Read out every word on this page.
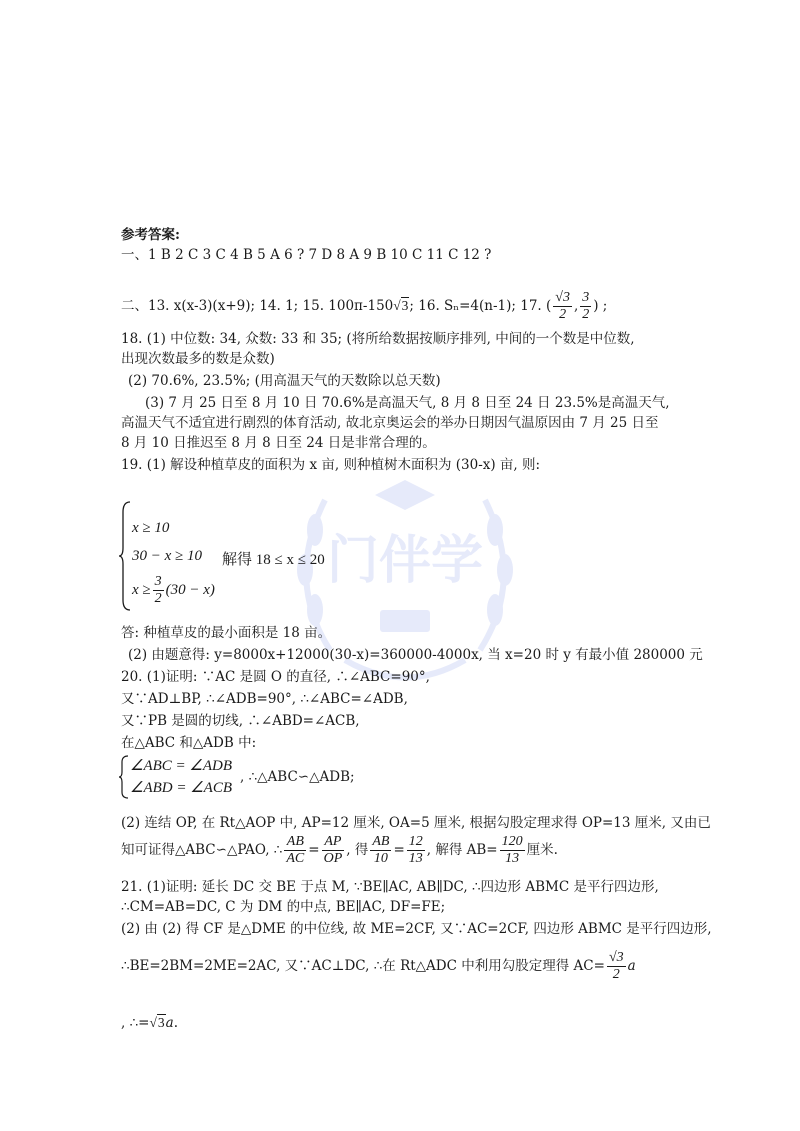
门伴学
参考答案:
一、1 B 2 C 3 C 4 B 5 A 6 ? 7 D 8 A 9 B 10 C 11 C 12 ?
二、13. x(x-3)(x+9); 14. 1; 15. 100π-150√3; 16. Sₙ=4(n-1); 17. ( $\frac{√3}{2}$ , $\frac{3}{2}$ ) ;
18. (1) 中位数: 34, 众数: 33 和 35; (将所给数据按顺序排列, 中间的一个数是中位数,
出现次数最多的数是众数)
(2) 70.6%, 23.5%; (用高温天气的天数除以总天数)
(3) 7 月 25 日至 8 月 10 日 70.6%是高温天气, 8 月 8 日至 24 日 23.5%是高温天气,
高温天气不适宜进行剧烈的体育活动, 故北京奥运会的举办日期因气温原因由 7 月 25 日至
8 月 10 日推迟至 8 月 8 日至 24 日是非常合理的。
19. (1) 解设种植草皮的面积为 x 亩, 则种植树木面积为 (30-x) 亩, 则:
x ≥ 10
30 − x ≥ 10 解得 18 ≤ x ≤ 20
$x \ge \frac{3}{2} (30 - x)$
答: 种植草皮的最小面积是 18 亩。
(2) 由题意得: y=8000x+12000(30-x)=360000-4000x, 当 x=20 时 y 有最小值 280000 元
20. (1)证明: ∵AC 是圆 O 的直径, ∴∠ABC=90°,
又∵AD⊥BP, ∴∠ADB=90°, ∴∠ABC=∠ADB,
又∵PB 是圆的切线, ∴∠ABD=∠ACB,
在△ABC 和△ADB 中:
∠ABC = ∠ADB
∠ABD = ∠ACB
, ∴△ABC∽△ADB;
(2) 连结 OP, 在 Rt△AOP 中, AP=12 厘米, OA=5 厘米, 根据勾股定理求得 OP=13 厘米, 又由已
知可证得△ABC∽△PAO, ∴ $\frac{AB}{AC} = \frac{AP}{OP}$ , 得 $\frac{AB}{10} = \frac{12}{13}$ , 解得 $AB= \frac{120}{13}$ 厘米.
21. (1)证明: 延长 DC 交 BE 于点 M, ∵BE∥AC, AB∥DC, ∴四边形 ABMC 是平行四边形,
∴CM=AB=DC, C 为 DM 的中点, BE∥AC, DF=FE;
(2) 由 (2) 得 CF 是△DME 的中位线, 故 ME=2CF, 又∵AC=2CF, 四边形 ABMC 是平行四边形,
∴BE=2BM=2ME=2AC, 又∵AC⊥DC, ∴在 Rt△ADC 中利用勾股定理得 $AC= \frac{√3}{2}$ a
, ∴=√3a.
